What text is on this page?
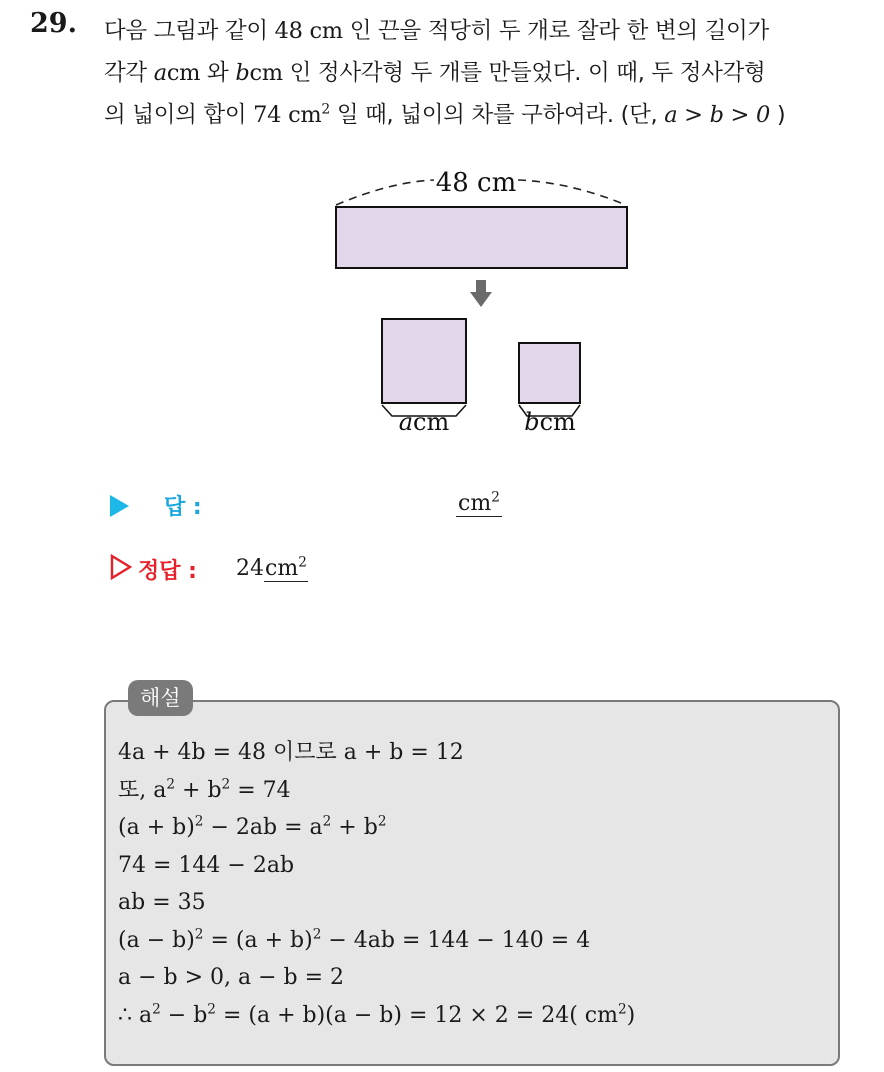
29. 다음 그림과 같이 48 cm 인 끈을 적당히 두 개로 잘라 한 변의 길이가
각각 acm 와 bcm 인 정사각형 두 개를 만들었다. 이 때, 두 정사각형
의 넓이의 합이 74 $cm^2$ 일 때, 넓이의 차를 구하여라. (단, a > b > 0 )
48 cm
acm	bcm
답 :	$cm^2$
정답 : $24cm^2$
해설
4a + 4b = 48 이므로 a + b = 12
또, $a^2 + b^2 = 74$
$(a + b)^2 - 2ab = a^2 + b^2$
74 = 144 − 2ab
ab = 35
$(a - b)^2 = (a + b)^2 - 4ab = 144 - 140 = 4$
a − b > 0, a − b = 2
∴ $a^2 - b^2 = (a + b)(a - b) = 12 \times 2 = 24$( $cm^2$)
